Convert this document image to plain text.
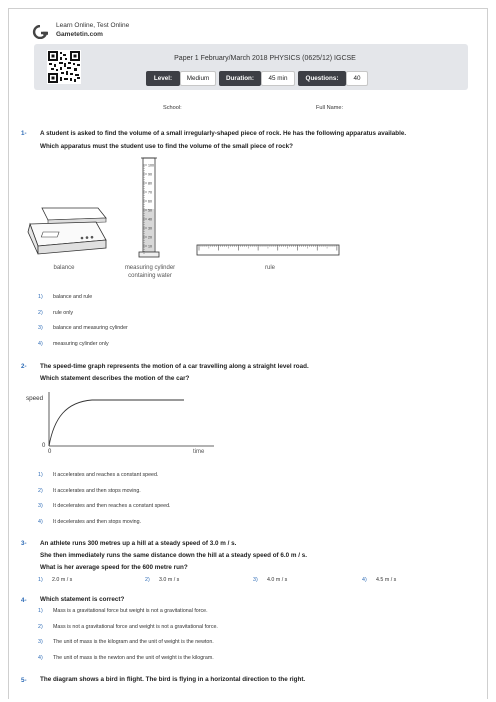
Learn Online, Test Online
Gametetin.com
Paper 1 February/March 2018 PHYSICS (0625/12) IGCSE
Level:	Medium	Duration:	45 min	Questions:	40
School:	Full Name:
1- A student is asked to find the volume of a small irregularly-shaped piece of rock. He has the following apparatus available.
Which apparatus must the student use to find the volume of the small piece of rock?
balance
100
90
80
70
60
50
40
30
20
10
measuring cylinder
containing water
rule
1) balance and rule
2) rule only
3) balance and measuring cylinder
4) measuring cylinder only
2- The speed-time graph represents the motion of a car travelling along a straight level road.
Which statement describes the motion of the car?
speed
0
0	time
1) It accelerates and reaches a constant speed.
2) It accelerates and then stops moving.
3) It decelerates and then reaches a constant speed.
4) It decelerates and then stops moving.
3- An athlete runs 300 metres up a hill at a steady speed of 3.0 m / s.
She then immediately runs the same distance down the hill at a steady speed of 6.0 m / s.
What is her average speed for the 600 metre run?
1) 2.0 m / s	2) 3.0 m / s	3) 4.0 m / s	4) 4.5 m / s
4- Which statement is correct?
1) Mass is a gravitational force but weight is not a gravitational force.
2) Mass is not a gravitational force and weight is not a gravitational force.
3) The unit of mass is the kilogram and the unit of weight is the newton.
4) The unit of mass is the newton and the unit of weight is the kilogram.
5- The diagram shows a bird in flight. The bird is flying in a horizontal direction to the right.
